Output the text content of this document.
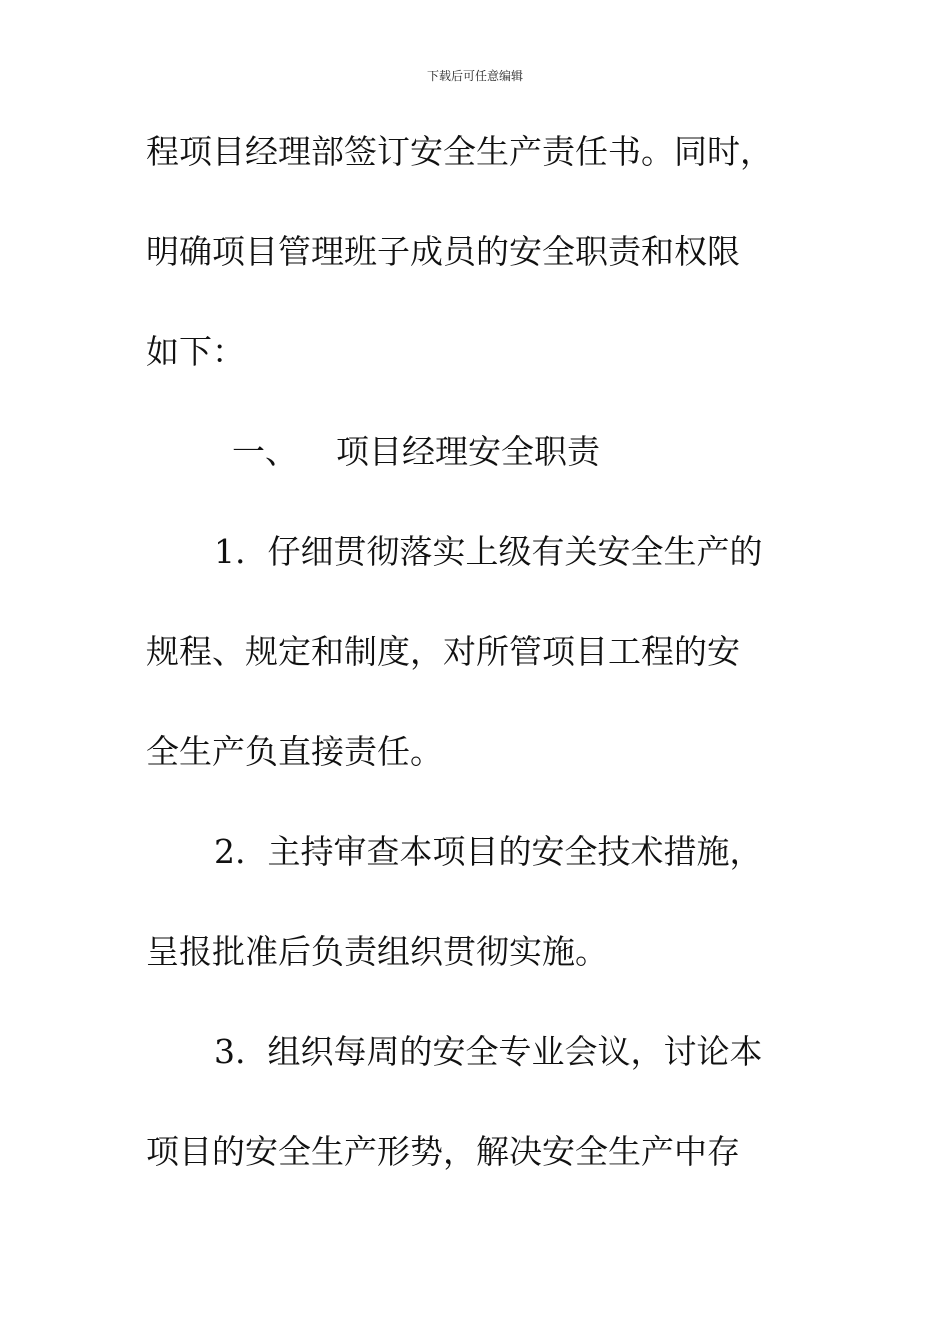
下载后可任意编辑
程项目经理部签订安全生产责任书。同时，
明确项目管理班子成员的安全职责和权限
如下：
一、 项目经理安全职责
1. 仔细贯彻落实上级有关安全生产的
规程、规定和制度，对所管项目工程的安
全生产负直接责任。
2. 主持审查本项目的安全技术措施，
呈报批准后负责组织贯彻实施。
3. 组织每周的安全专业会议，讨论本
项目的安全生产形势，解决安全生产中存
